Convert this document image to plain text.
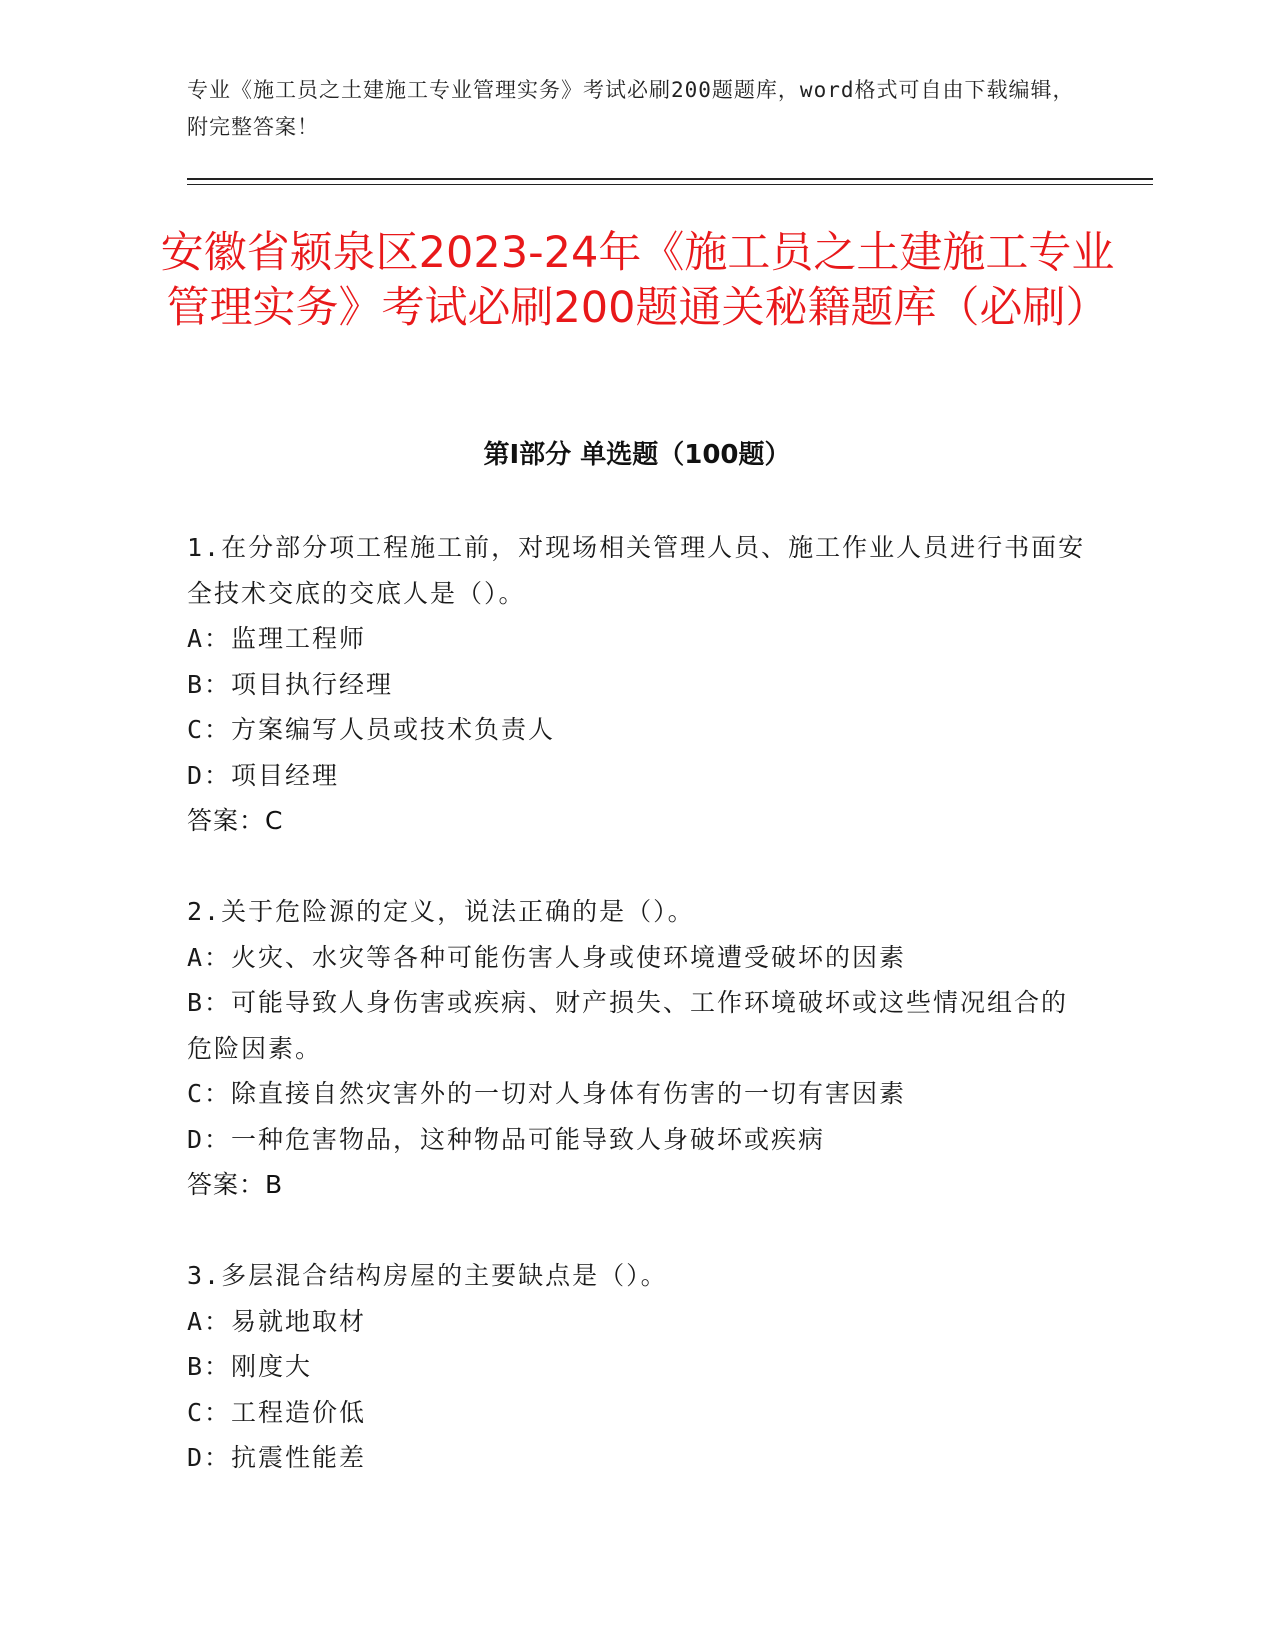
专业《施工员之土建施工专业管理实务》考试必刷200题题库，word格式可自由下载编辑，附完整答案！
安徽省颍泉区2023-24年《施工员之土建施工专业管理实务》考试必刷200题通关秘籍题库（必刷）
第Ⅰ部分 单选题（100题）
1.在分部分项工程施工前，对现场相关管理人员、施工作业人员进行书面安全技术交底的交底人是（）。
A：监理工程师
B：项目执行经理
C：方案编写人员或技术负责人
D：项目经理
答案：C
2.关于危险源的定义，说法正确的是（）。
A：火灾、水灾等各种可能伤害人身或使环境遭受破坏的因素
B：可能导致人身伤害或疾病、财产损失、工作环境破坏或这些情况组合的危险因素。
C：除直接自然灾害外的一切对人身体有伤害的一切有害因素
D：一种危害物品，这种物品可能导致人身破坏或疾病
答案：B
3.多层混合结构房屋的主要缺点是（）。
A：易就地取材
B：刚度大
C：工程造价低
D：抗震性能差
